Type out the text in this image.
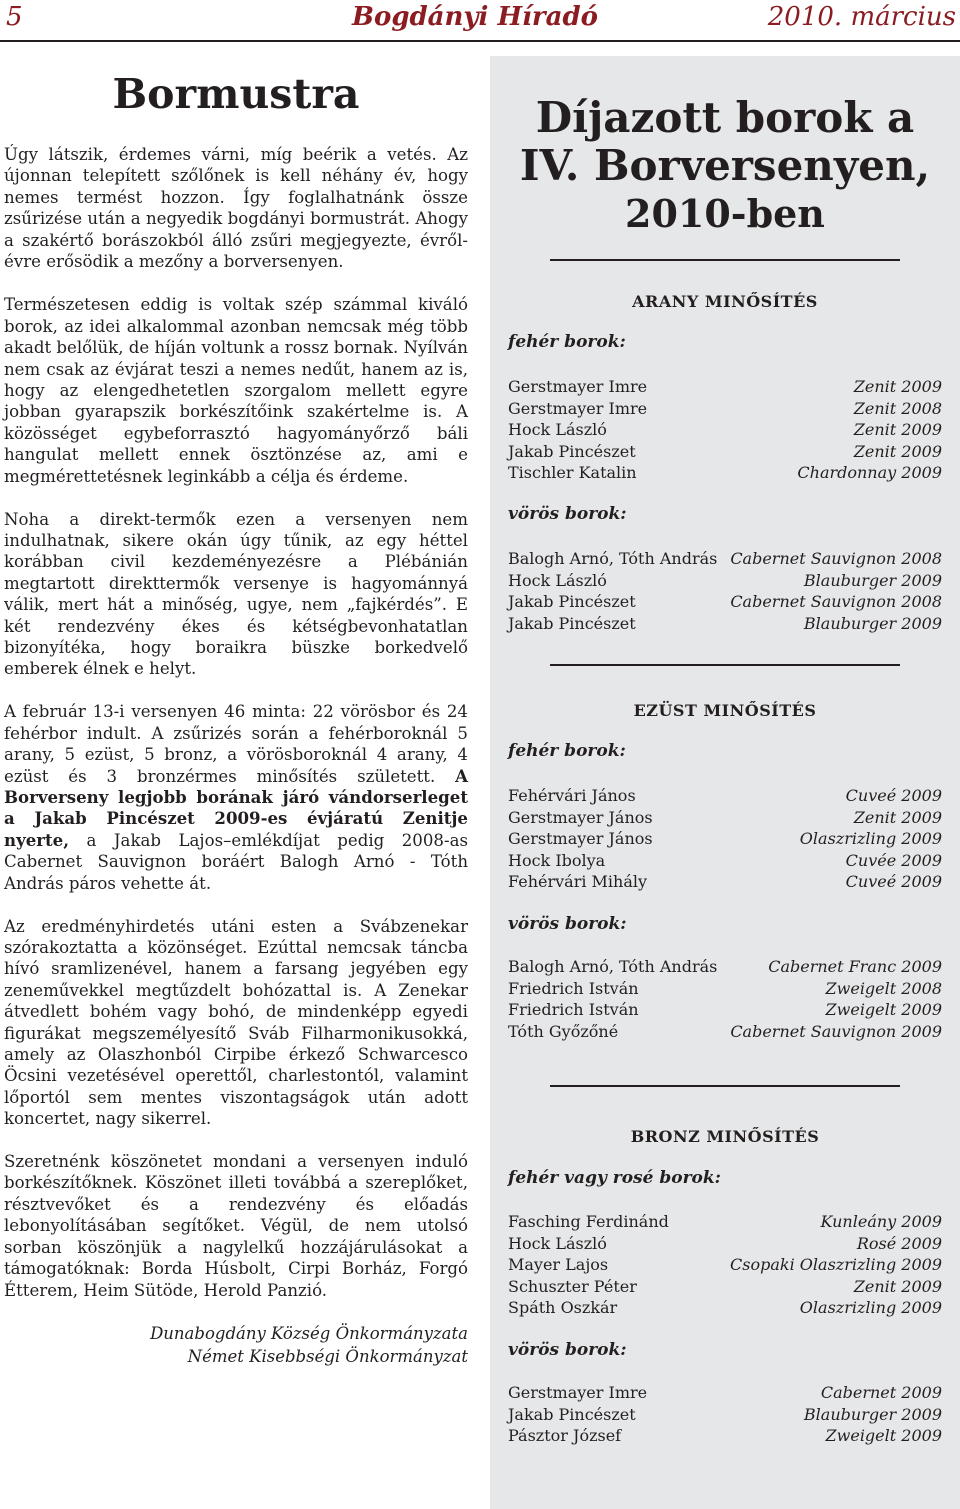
5	Bogdányi Híradó	2010. március
Bormustra

Úgy látszik, érdemes várni, míg beérik a vetés. Az újonnan telepített szőlőnek is kell néhány év, hogy nemes termést hozzon. Így foglalhatnánk össze zsűrizése után a negyedik bogdányi bormustrát. Ahogy a szakértő borászokból álló zsűri megjegyezte, évről-évre erősödik a mezőny a borversenyen.

Természetesen eddig is voltak szép számmal kiváló borok, az idei alkalommal azonban nemcsak még több akadt belőlük, de híján voltunk a rossz bornak. Nyílván nem csak az évjárat teszi a nemes nedűt, hanem az is, hogy az elengedhetetlen szorgalom mellett egyre jobban gyarapszik borkészítőink szakértelme is. A közösséget egybeforrasztó hagyományőrző báli hangulat mellett ennek ösztönzése az, ami e megmérettetésnek leginkább a célja és érdeme.

Noha a direkt-termők ezen a versenyen nem indulhatnak, sikere okán úgy tűnik, az egy héttel korábban civil kezdeményezésre a Plébánián megtartott direkttermők versenye is hagyománnyá válik, mert hát a minőség, ugye, nem „fajkérdés”. E két rendezvény ékes és kétségbevonhatatlan bizonyítéka, hogy boraikra büszke borkedvelő emberek élnek e helyt.

A február 13-i versenyen 46 minta: 22 vörösbor és 24 fehérbor indult. A zsűrizés során a fehérboroknál 5 arany, 5 ezüst, 5 bronz, a vörösboroknál 4 arany, 4 ezüst és 3 bronzérmes minősítés született. A Borverseny legjobb borának járó vándorserleget a Jakab Pincészet 2009-es évjáratú Zenitje nyerte, a Jakab Lajos–emlékdíjat pedig 2008-as Cabernet Sauvignon boráért Balogh Arnó - Tóth András páros vehette át.

Az eredményhirdetés utáni esten a Svábzenekar szórakoztatta a közönséget. Ezúttal nemcsak táncba hívó sramlizenével, hanem a farsang jegyében egy zeneművekkel megtűzdelt bohózattal is. A Zenekar átvedlett bohém vagy bohó, de mindenképp egyedi figurákat megszemélyesítő Sváb Filharmonikusokká, amely az Olaszhonból Cirpibe érkező Schwarcesco Öcsini vezetésével operettől, charlestontól, valamint lőportól sem mentes viszontagságok után adott koncertet, nagy sikerrel.

Szeretnénk köszönetet mondani a versenyen induló borkészítőknek. Köszönet illeti továbbá a szereplőket, résztvevőket és a rendezvény és előadás lebonyolításában segítőket. Végül, de nem utolsó sorban köszönjük a nagylelkű hozzájárulásokat a támogatóknak: Borda Húsbolt, Cirpi Borház, Forgó Étterem, Heim Sütöde, Herold Panzió.

Dunabogdány Község Önkormányzata
Német Kisebbségi Önkormányzat
Díjazott borok a
IV. Borversenyen,
2010-ben
ARANY MINŐSÍTÉS
fehér borok:
Gerstmayer Imre	Zenit 2009
Gerstmayer Imre	Zenit 2008
Hock László	Zenit 2009
Jakab Pincészet	Zenit 2009
Tischler Katalin	Chardonnay 2009
vörös borok:
Balogh Arnó, Tóth András Cabernet Sauvignon 2008
Hock László	Blauburger 2009
Jakab Pincészet	Cabernet Sauvignon 2008
Jakab Pincészet	Blauburger 2009
EZÜST MINŐSÍTÉS
fehér borok:
Fehérvári János	Cuveé 2009
Gerstmayer János	Zenit 2009
Gerstmayer János	Olaszrizling 2009
Hock Ibolya	Cuvée 2009
Fehérvári Mihály	Cuveé 2009
vörös borok:
Balogh Arnó, Tóth András	Cabernet Franc 2009
Friedrich István	Zweigelt 2008
Friedrich István	Zweigelt 2009
Tóth Győzőné	Cabernet Sauvignon 2009
BRONZ MINŐSÍTÉS
fehér vagy rosé borok:
Fasching Ferdinánd	Kunleány 2009
Hock László	Rosé 2009
Mayer Lajos	Csopaki Olaszrizling 2009
Schuszter Péter	Zenit 2009
Spáth Oszkár	Olaszrizling 2009
vörös borok:
Gerstmayer Imre	Cabernet 2009
Jakab Pincészet	Blauburger 2009
Pásztor József	Zweigelt 2009
